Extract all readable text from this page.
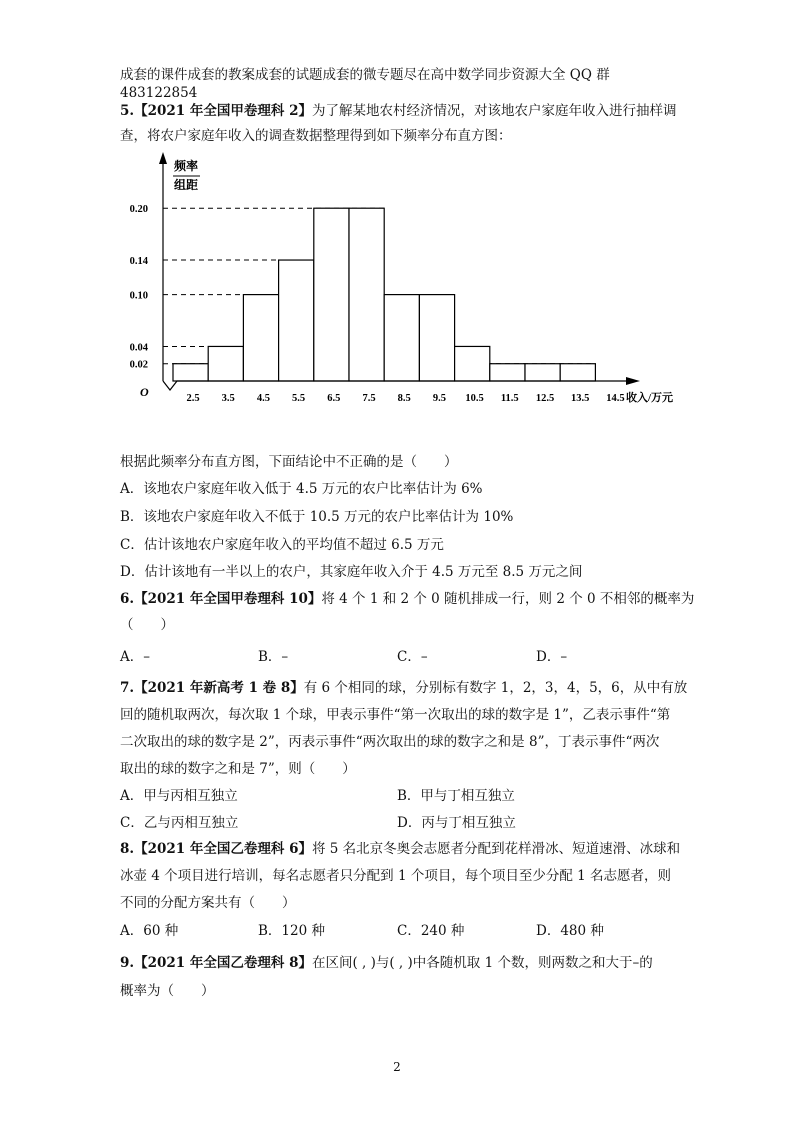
成套的课件成套的教案成套的试题成套的微专题尽在高中数学同步资源大全 QQ 群
483122854
5.【2021 年全国甲卷理科 2】为了解某地农村经济情况，对该地农户家庭年收入进行抽样调
查，将农户家庭年收入的调查数据整理得到如下频率分布直方图：
频率
组距
O	收入/万元
0.02
0.04
0.10
0.14
0.20
2.5 3.5 4.5 5.5 6.5 7.5 8.5 9.5 10.5 11.5 12.5 13.5 14.5
根据此频率分布直方图，下面结论中不正确的是（　　）
A．该地农户家庭年收入低于 4.5 万元的农户比率估计为 6%
B．该地农户家庭年收入不低于 10.5 万元的农户比率估计为 10%
C．估计该地农户家庭年收入的平均值不超过 6.5 万元
D．估计该地有一半以上的农户，其家庭年收入介于 4.5 万元至 8.5 万元之间
6.【2021 年全国甲卷理科 10】将 4 个 1 和 2 个 0 随机排成一行，则 2 个 0 不相邻的概率为
（　　）
A．–	B．–	C．–	D．–
7.【2021 年新高考 1 卷 8】有 6 个相同的球，分别标有数字 1，2，3，4，5，6，从中有放
回的随机取两次，每次取 1 个球，甲表示事件“第一次取出的球的数字是 1”，乙表示事件“第
二次取出的球的数字是 2”，丙表示事件“两次取出的球的数字之和是 8”，丁表示事件“两次
取出的球的数字之和是 7”，则（　　）
A．甲与丙相互独立	B．甲与丁相互独立
C．乙与丙相互独立	D．丙与丁相互独立
8.【2021 年全国乙卷理科 6】将 5 名北京冬奥会志愿者分配到花样滑冰、短道速滑、冰球和
冰壶 4 个项目进行培训，每名志愿者只分配到 1 个项目，每个项目至少分配 1 名志愿者，则
不同的分配方案共有（　　）
A．60 种	B．120 种	C．240 种	D．480 种
9.【2021 年全国乙卷理科 8】在区间( , )与( , )中各随机取 1 个数，则两数之和大于–的
概率为（　　）
2
